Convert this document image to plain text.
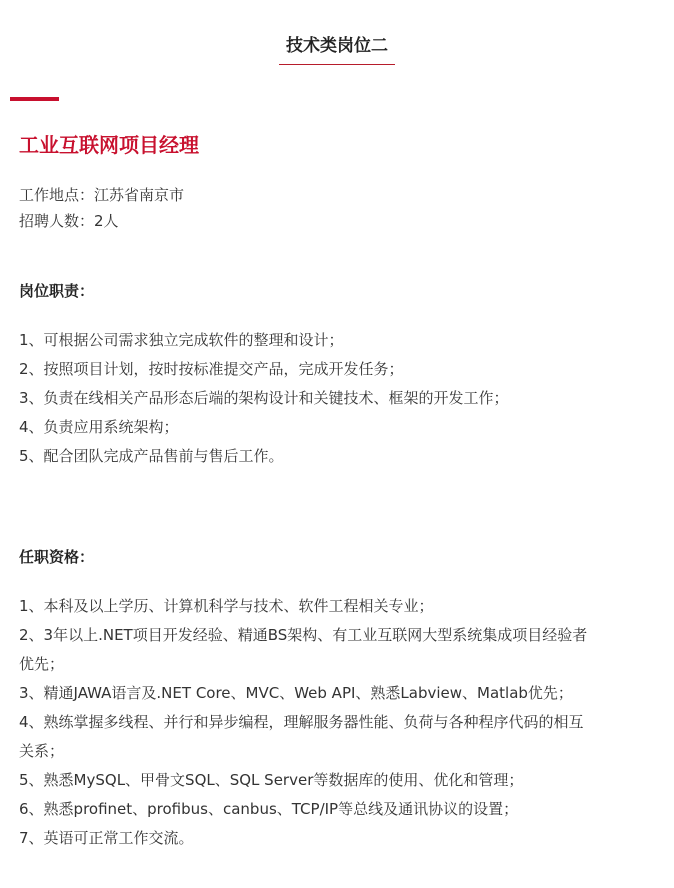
技术类岗位二
工业互联网项目经理
工作地点：江苏省南京市
招聘人数：2人
岗位职责：
1、可根据公司需求独立完成软件的整理和设计；
2、按照项目计划，按时按标准提交产品，完成开发任务；
3、负责在线相关产品形态后端的架构设计和关键技术、框架的开发工作；
4、负责应用系统架构；
5、配合团队完成产品售前与售后工作。
任职资格：
1、本科及以上学历、计算机科学与技术、软件工程相关专业；
2、3年以上.NET项目开发经验、精通BS架构、有工业互联网大型系统集成项目经验者
优先；
3、精通JAWA语言及.NET Core、MVC、Web API、熟悉Labview、Matlab优先；
4、熟练掌握多线程、并行和异步编程，理解服务器性能、负荷与各种程序代码的相互
关系；
5、熟悉MySQL、甲骨文SQL、SQL Server等数据库的使用、优化和管理；
6、熟悉profinet、profibus、canbus、TCP/IP等总线及通讯协议的设置；
7、英语可正常工作交流。
